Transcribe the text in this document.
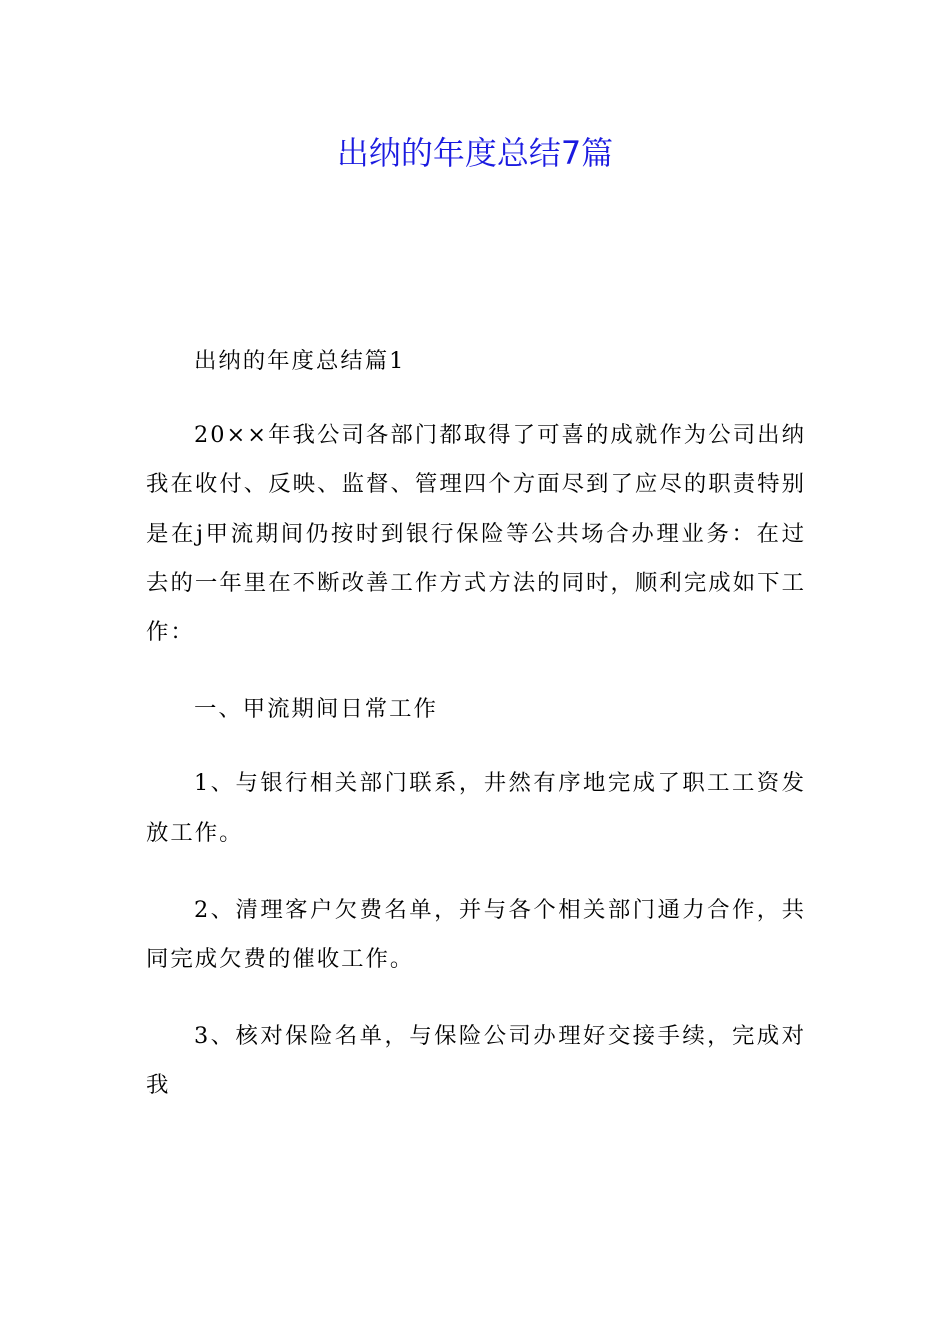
出纳的年度总结7篇

出纳的年度总结篇1

20××年我公司各部门都取得了可喜的成就作为公司出纳我在收付、反映、监督、管理四个方面尽到了应尽的职责特别是在j甲流期间仍按时到银行保险等公共场合办理业务：在过去的一年里在不断改善工作方式方法的同时，顺利完成如下工作：

一、甲流期间日常工作

1、与银行相关部门联系，井然有序地完成了职工工资发放工作。

2、清理客户欠费名单，并与各个相关部门通力合作，共同完成欠费的催收工作。

3、核对保险名单，与保险公司办理好交接手续，完成对我
